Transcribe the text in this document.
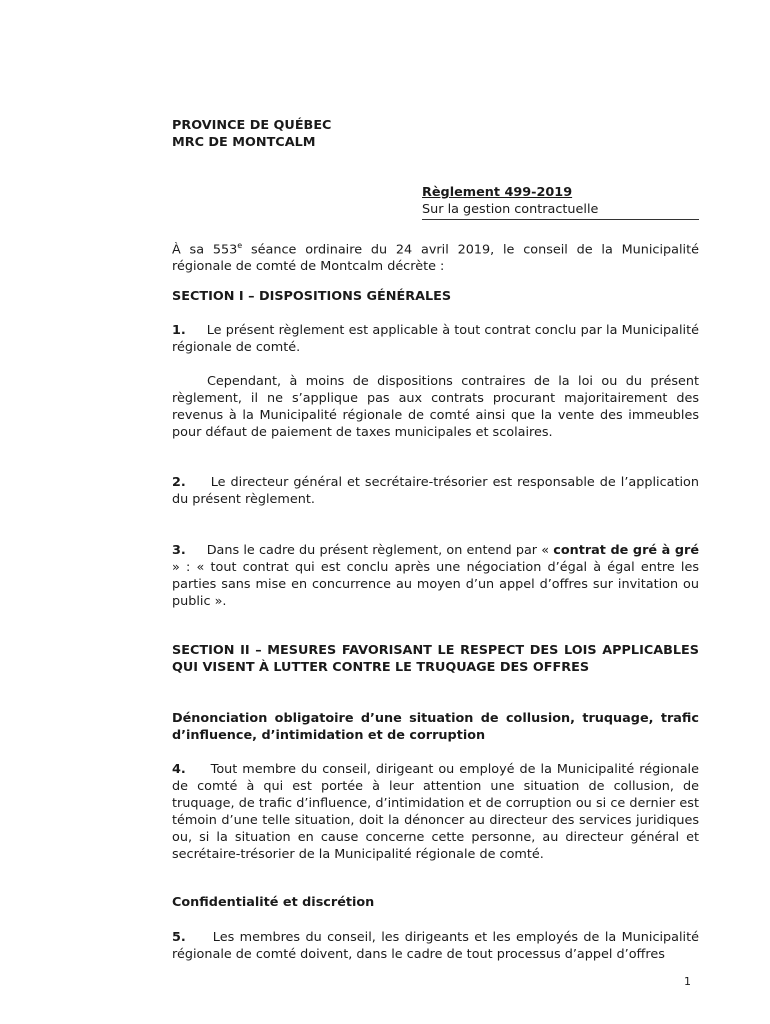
PROVINCE DE QUÉBEC
MRC DE MONTCALM
Règlement 499-2019
Sur la gestion contractuelle

À sa 553e séance ordinaire du 24 avril 2019, le conseil de la Municipalité régionale de comté de Montcalm décrète :

SECTION I – DISPOSITIONS GÉNÉRALES

1. Le présent règlement est applicable à tout contrat conclu par la Municipalité régionale de comté.

Cependant, à moins de dispositions contraires de la loi ou du présent règlement, il ne s’applique pas aux contrats procurant majoritairement des revenus à la Municipalité régionale de comté ainsi que la vente des immeubles pour défaut de paiement de taxes municipales et scolaires.

2. Le directeur général et secrétaire-trésorier est responsable de l’application du présent règlement.

3. Dans le cadre du présent règlement, on entend par « contrat de gré à gré » : « tout contrat qui est conclu après une négociation d’égal à égal entre les parties sans mise en concurrence au moyen d’un appel d’offres sur invitation ou public ».

SECTION II – MESURES FAVORISANT LE RESPECT DES LOIS APPLICABLES QUI VISENT À LUTTER CONTRE LE TRUQUAGE DES OFFRES

Dénonciation obligatoire d’une situation de collusion, truquage, trafic d’influence, d’intimidation et de corruption

4. Tout membre du conseil, dirigeant ou employé de la Municipalité régionale de comté à qui est portée à leur attention une situation de collusion, de truquage, de trafic d’influence, d’intimidation et de corruption ou si ce dernier est témoin d’une telle situation, doit la dénoncer au directeur des services juridiques ou, si la situation en cause concerne cette personne, au directeur général et secrétaire-trésorier de la Municipalité régionale de comté.

Confidentialité et discrétion

5. Les membres du conseil, les dirigeants et les employés de la Municipalité régionale de comté doivent, dans le cadre de tout processus d’appel d’offres

1
